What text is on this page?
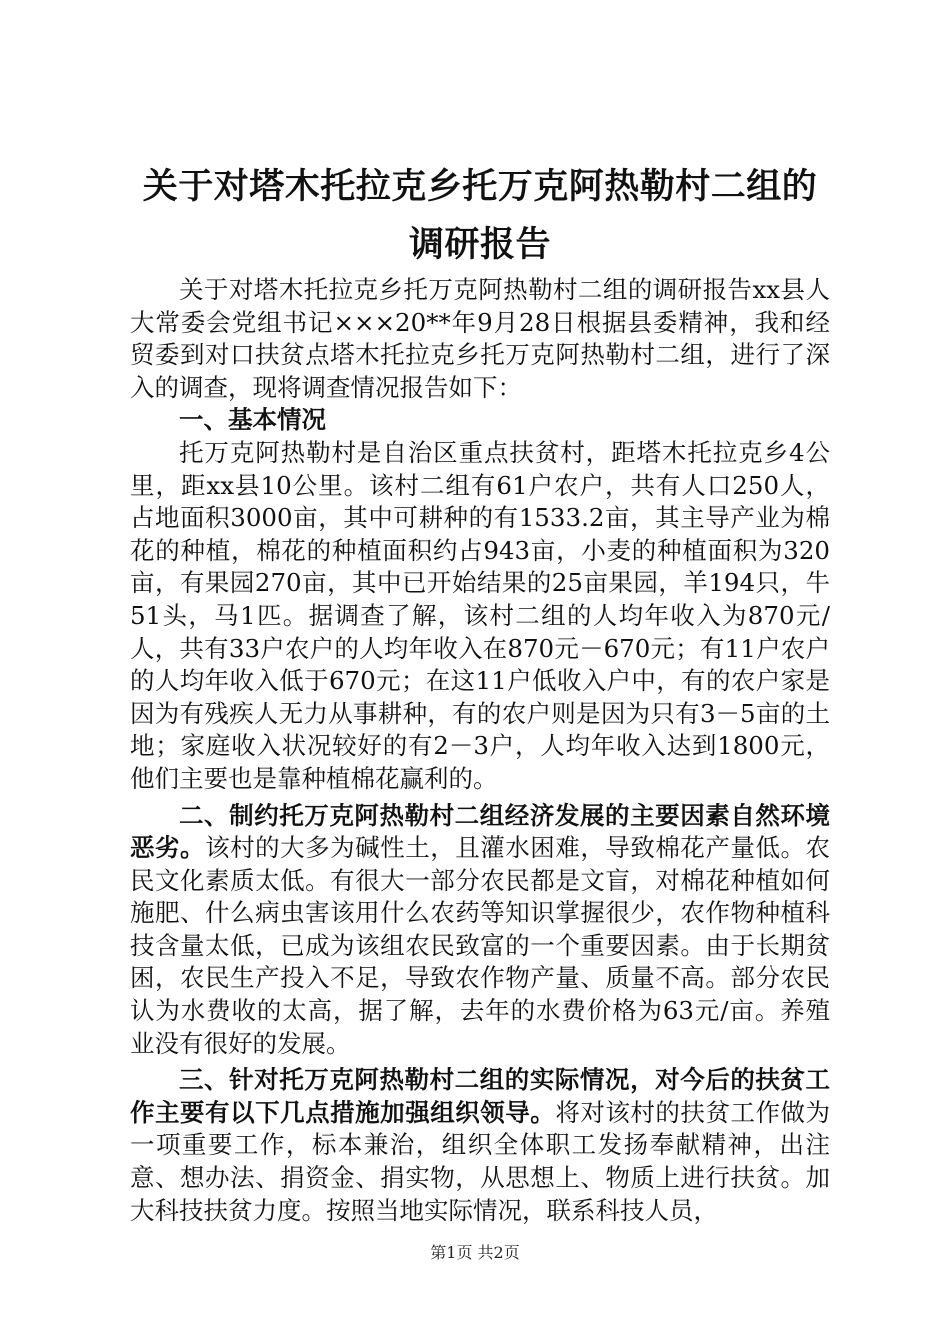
关于对塔木托拉克乡托万克阿热勒村二组的调研报告

关于对塔木托拉克乡托万克阿热勒村二组的调研报告xx县人大常委会党组书记×××20**年9月28日根据县委精神，我和经贸委到对口扶贫点塔木托拉克乡托万克阿热勒村二组，进行了深入的调查，现将调查情况报告如下：

一、基本情况

托万克阿热勒村是自治区重点扶贫村，距塔木托拉克乡4公里，距xx县10公里。该村二组有61户农户，共有人口250人，占地面积3000亩，其中可耕种的有1533.2亩，其主导产业为棉花的种植，棉花的种植面积约占943亩，小麦的种植面积为320亩，有果园270亩，其中已开始结果的25亩果园，羊194只，牛51头，马1匹。据调查了解，该村二组的人均年收入为870元/人，共有33户农户的人均年收入在870元－670元；有11户农户的人均年收入低于670元；在这11户低收入户中，有的农户家是因为有残疾人无力从事耕种，有的农户则是因为只有3－5亩的土地；家庭收入状况较好的有2－3户，人均年收入达到1800元，他们主要也是靠种植棉花赢利的。

二、制约托万克阿热勒村二组经济发展的主要因素自然环境恶劣。该村的大多为碱性土，且灌水困难，导致棉花产量低。农民文化素质太低。有很大一部分农民都是文盲，对棉花种植如何施肥、什么病虫害该用什么农药等知识掌握很少，农作物种植科技含量太低，已成为该组农民致富的一个重要因素。由于长期贫困，农民生产投入不足，导致农作物产量、质量不高。部分农民认为水费收的太高，据了解，去年的水费价格为63元/亩。养殖业没有很好的发展。

三、针对托万克阿热勒村二组的实际情况，对今后的扶贫工作主要有以下几点措施加强组织领导。将对该村的扶贫工作做为一项重要工作，标本兼治，组织全体职工发扬奉献精神，出注意、想办法、捐资金、捐实物，从思想上、物质上进行扶贫。加大科技扶贫力度。按照当地实际情况，联系科技人员，

第1页 共2页
